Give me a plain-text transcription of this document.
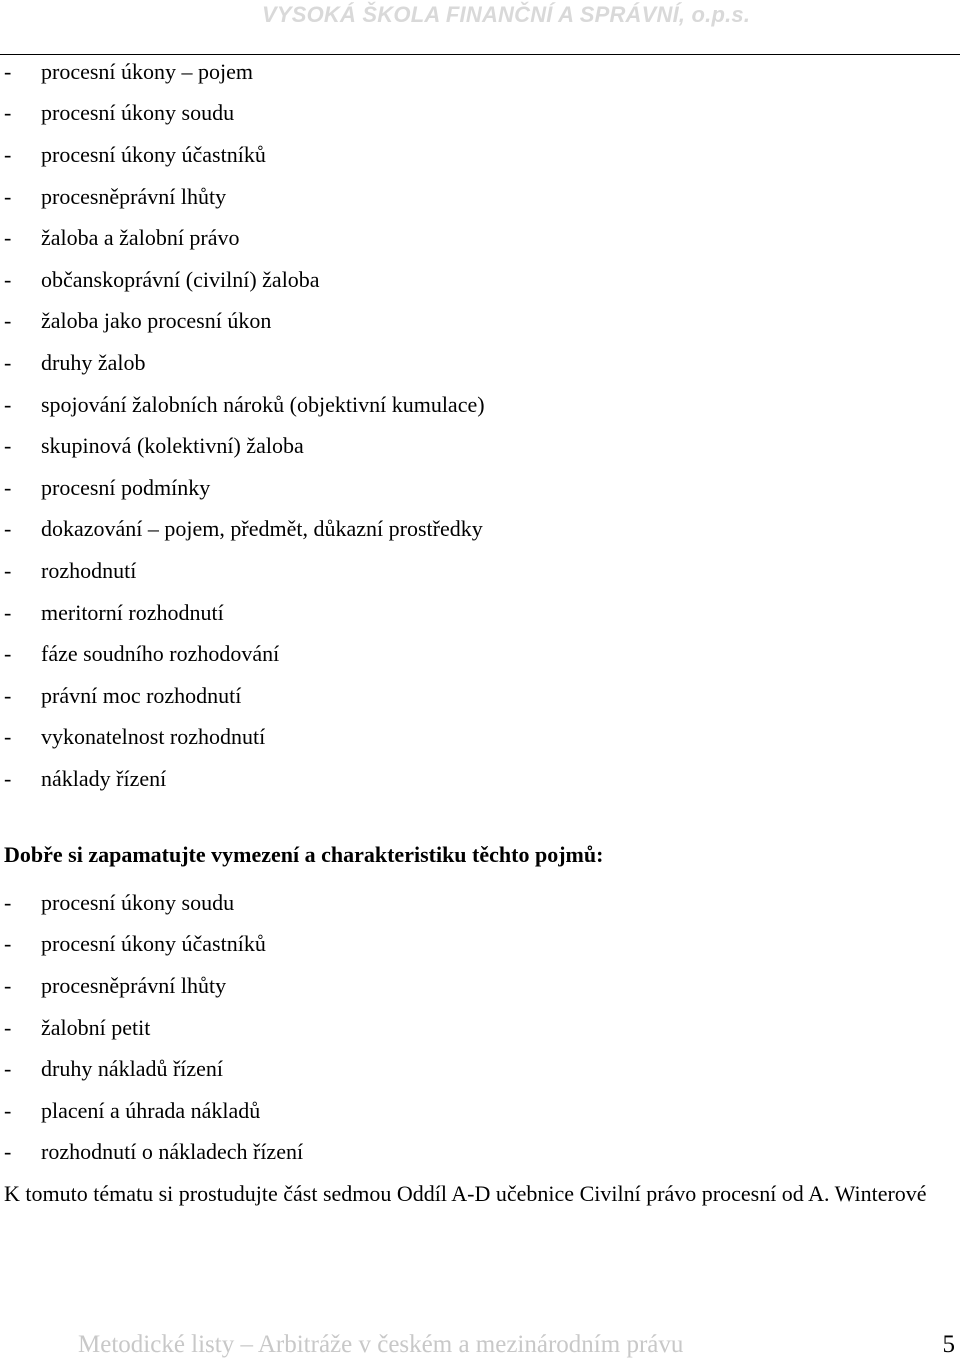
VYSOKÁ ŠKOLA FINANČNÍ A SPRÁVNÍ, o.p.s.
-	procesní úkony – pojem
-	procesní úkony soudu
-	procesní úkony účastníků
-	procesněprávní lhůty
-	žaloba a žalobní právo
-	občanskoprávní (civilní) žaloba
-	žaloba jako procesní úkon
-	druhy žalob
-	spojování žalobních nároků (objektivní kumulace)
-	skupinová (kolektivní) žaloba
-	procesní podmínky
-	dokazování – pojem, předmět, důkazní prostředky
-	rozhodnutí
-	meritorní rozhodnutí
-	fáze soudního rozhodování
-	právní moc rozhodnutí
-	vykonatelnost rozhodnutí
-	náklady řízení
Dobře si zapamatujte vymezení a charakteristiku těchto pojmů:
-	procesní úkony soudu
-	procesní úkony účastníků
-	procesněprávní lhůty
-	žalobní petit
-	druhy nákladů řízení
-	placení a úhrada nákladů
-	rozhodnutí o nákladech řízení
K tomuto tématu si prostudujte část sedmou Oddíl A-D učebnice Civilní právo procesní od A. Winterové
Metodické listy – Arbitráže v českém a mezinárodním právu	5
